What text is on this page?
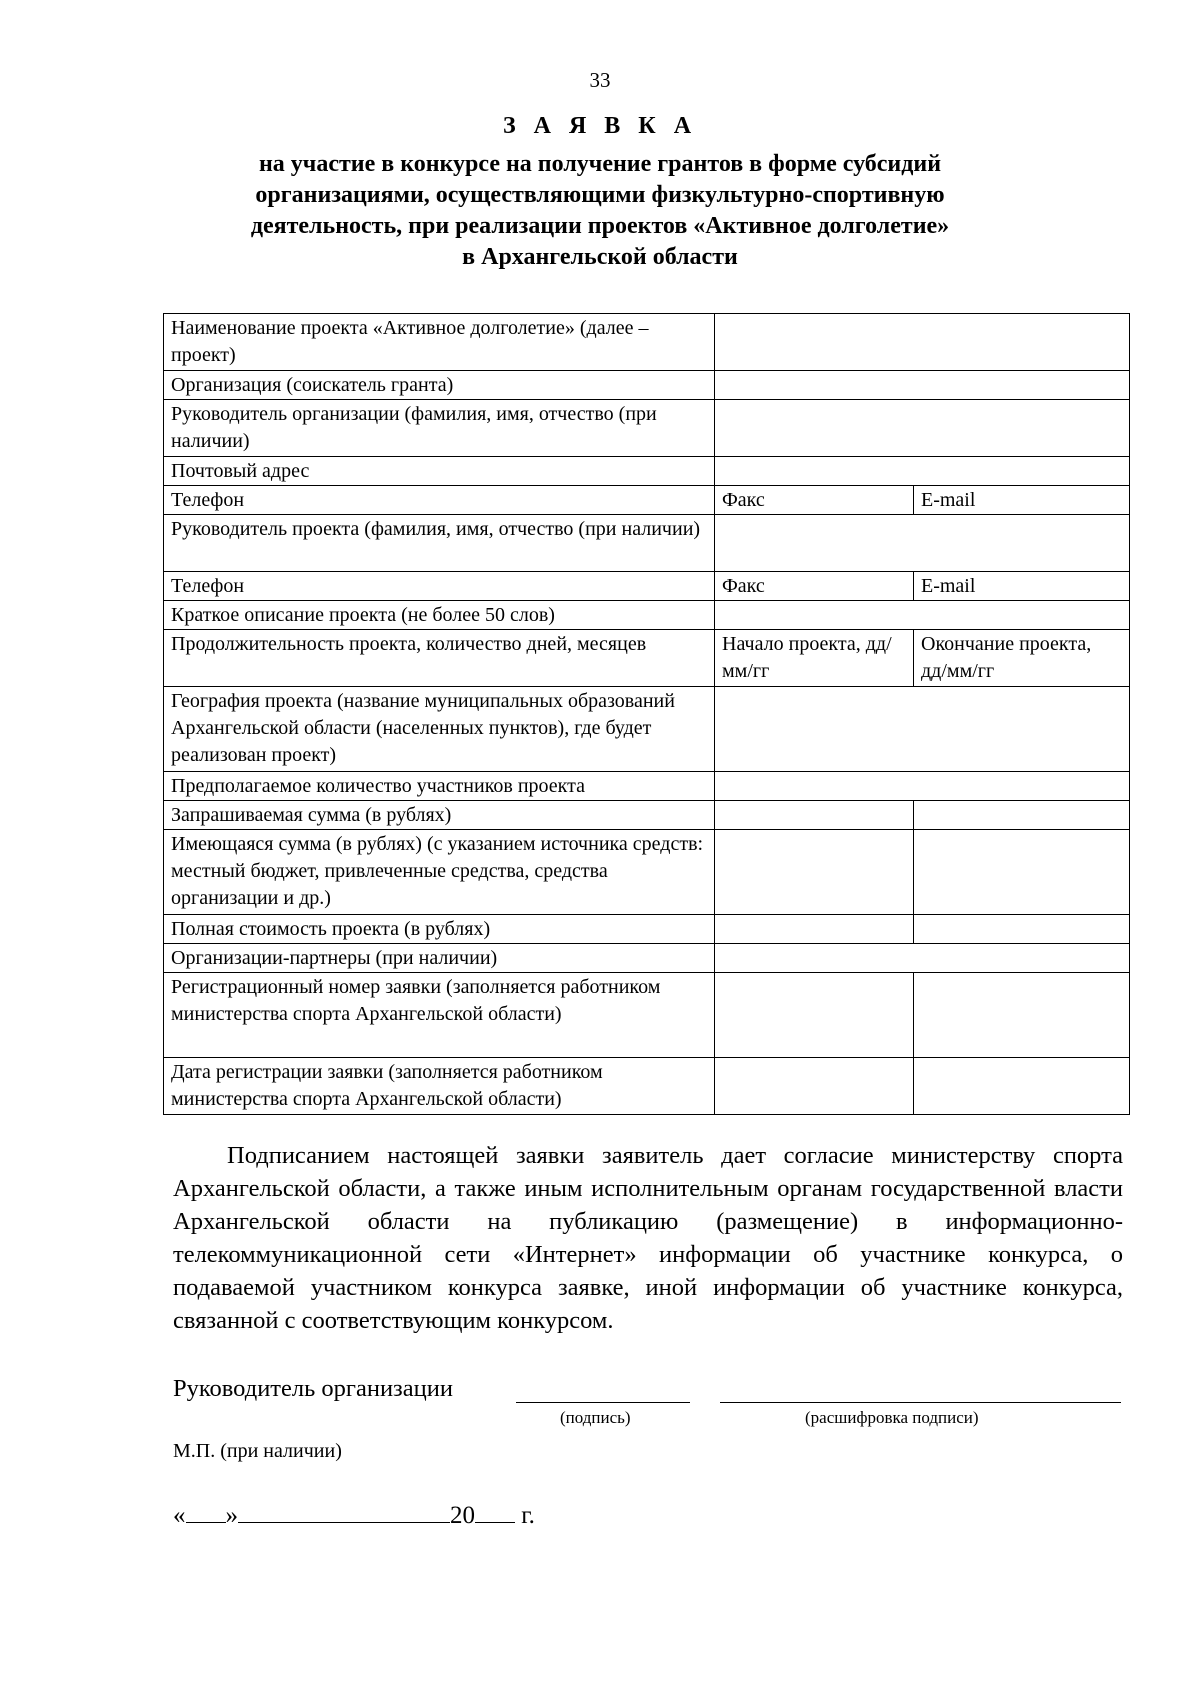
33
З А Я В К А
на участие в конкурсе на получение грантов в форме субсидий
организациями, осуществляющими физкультурно-спортивную
деятельность, при реализации проектов «Активное долголетие»
в Архангельской области
Наименование проекта «Активное долголетие» (далее – проект)		
Организация (соискатель гранта)		
Руководитель организации (фамилия, имя, отчество (при наличии)		
Почтовый адрес		
Телефон	Факс	E-mail
Руководитель проекта (фамилия, имя, отчество (при наличии)		
Телефон	Факс	E-mail
Краткое описание проекта (не более 50 слов)		
Продолжительность проекта, количество дней, месяцев	Начало проекта, дд/мм/гг	Окончание проекта, дд/мм/гг
География проекта (название муниципальных образований Архангельской области (населенных пунктов), где будет реализован проект)		
Предполагаемое количество участников проекта		
Запрашиваемая сумма (в рублях)		
Имеющаяся сумма (в рублях) (с указанием источника средств: местный бюджет, привлеченные средства, средства организации и др.)		
Полная стоимость проекта (в рублях)		
Организации-партнеры (при наличии)		
Регистрационный номер заявки (заполняется работником министерства спорта Архангельской области)		
Дата регистрации заявки (заполняется работником министерства спорта Архангельской области)		
Подписанием настоящей заявки заявитель дает согласие министерству спорта Архангельской области, а также иным исполнительным органам государственной власти Архангельской области на публикацию (размещение) в информационно-телекоммуникационной сети «Интернет» информации об участнике конкурса, о подаваемой участником конкурса заявке, иной информации об участнике конкурса, связанной с соответствующим конкурсом.
Руководитель организации
(подпись)	(расшифровка подписи)
М.П. (при наличии)
« »	20 г.
